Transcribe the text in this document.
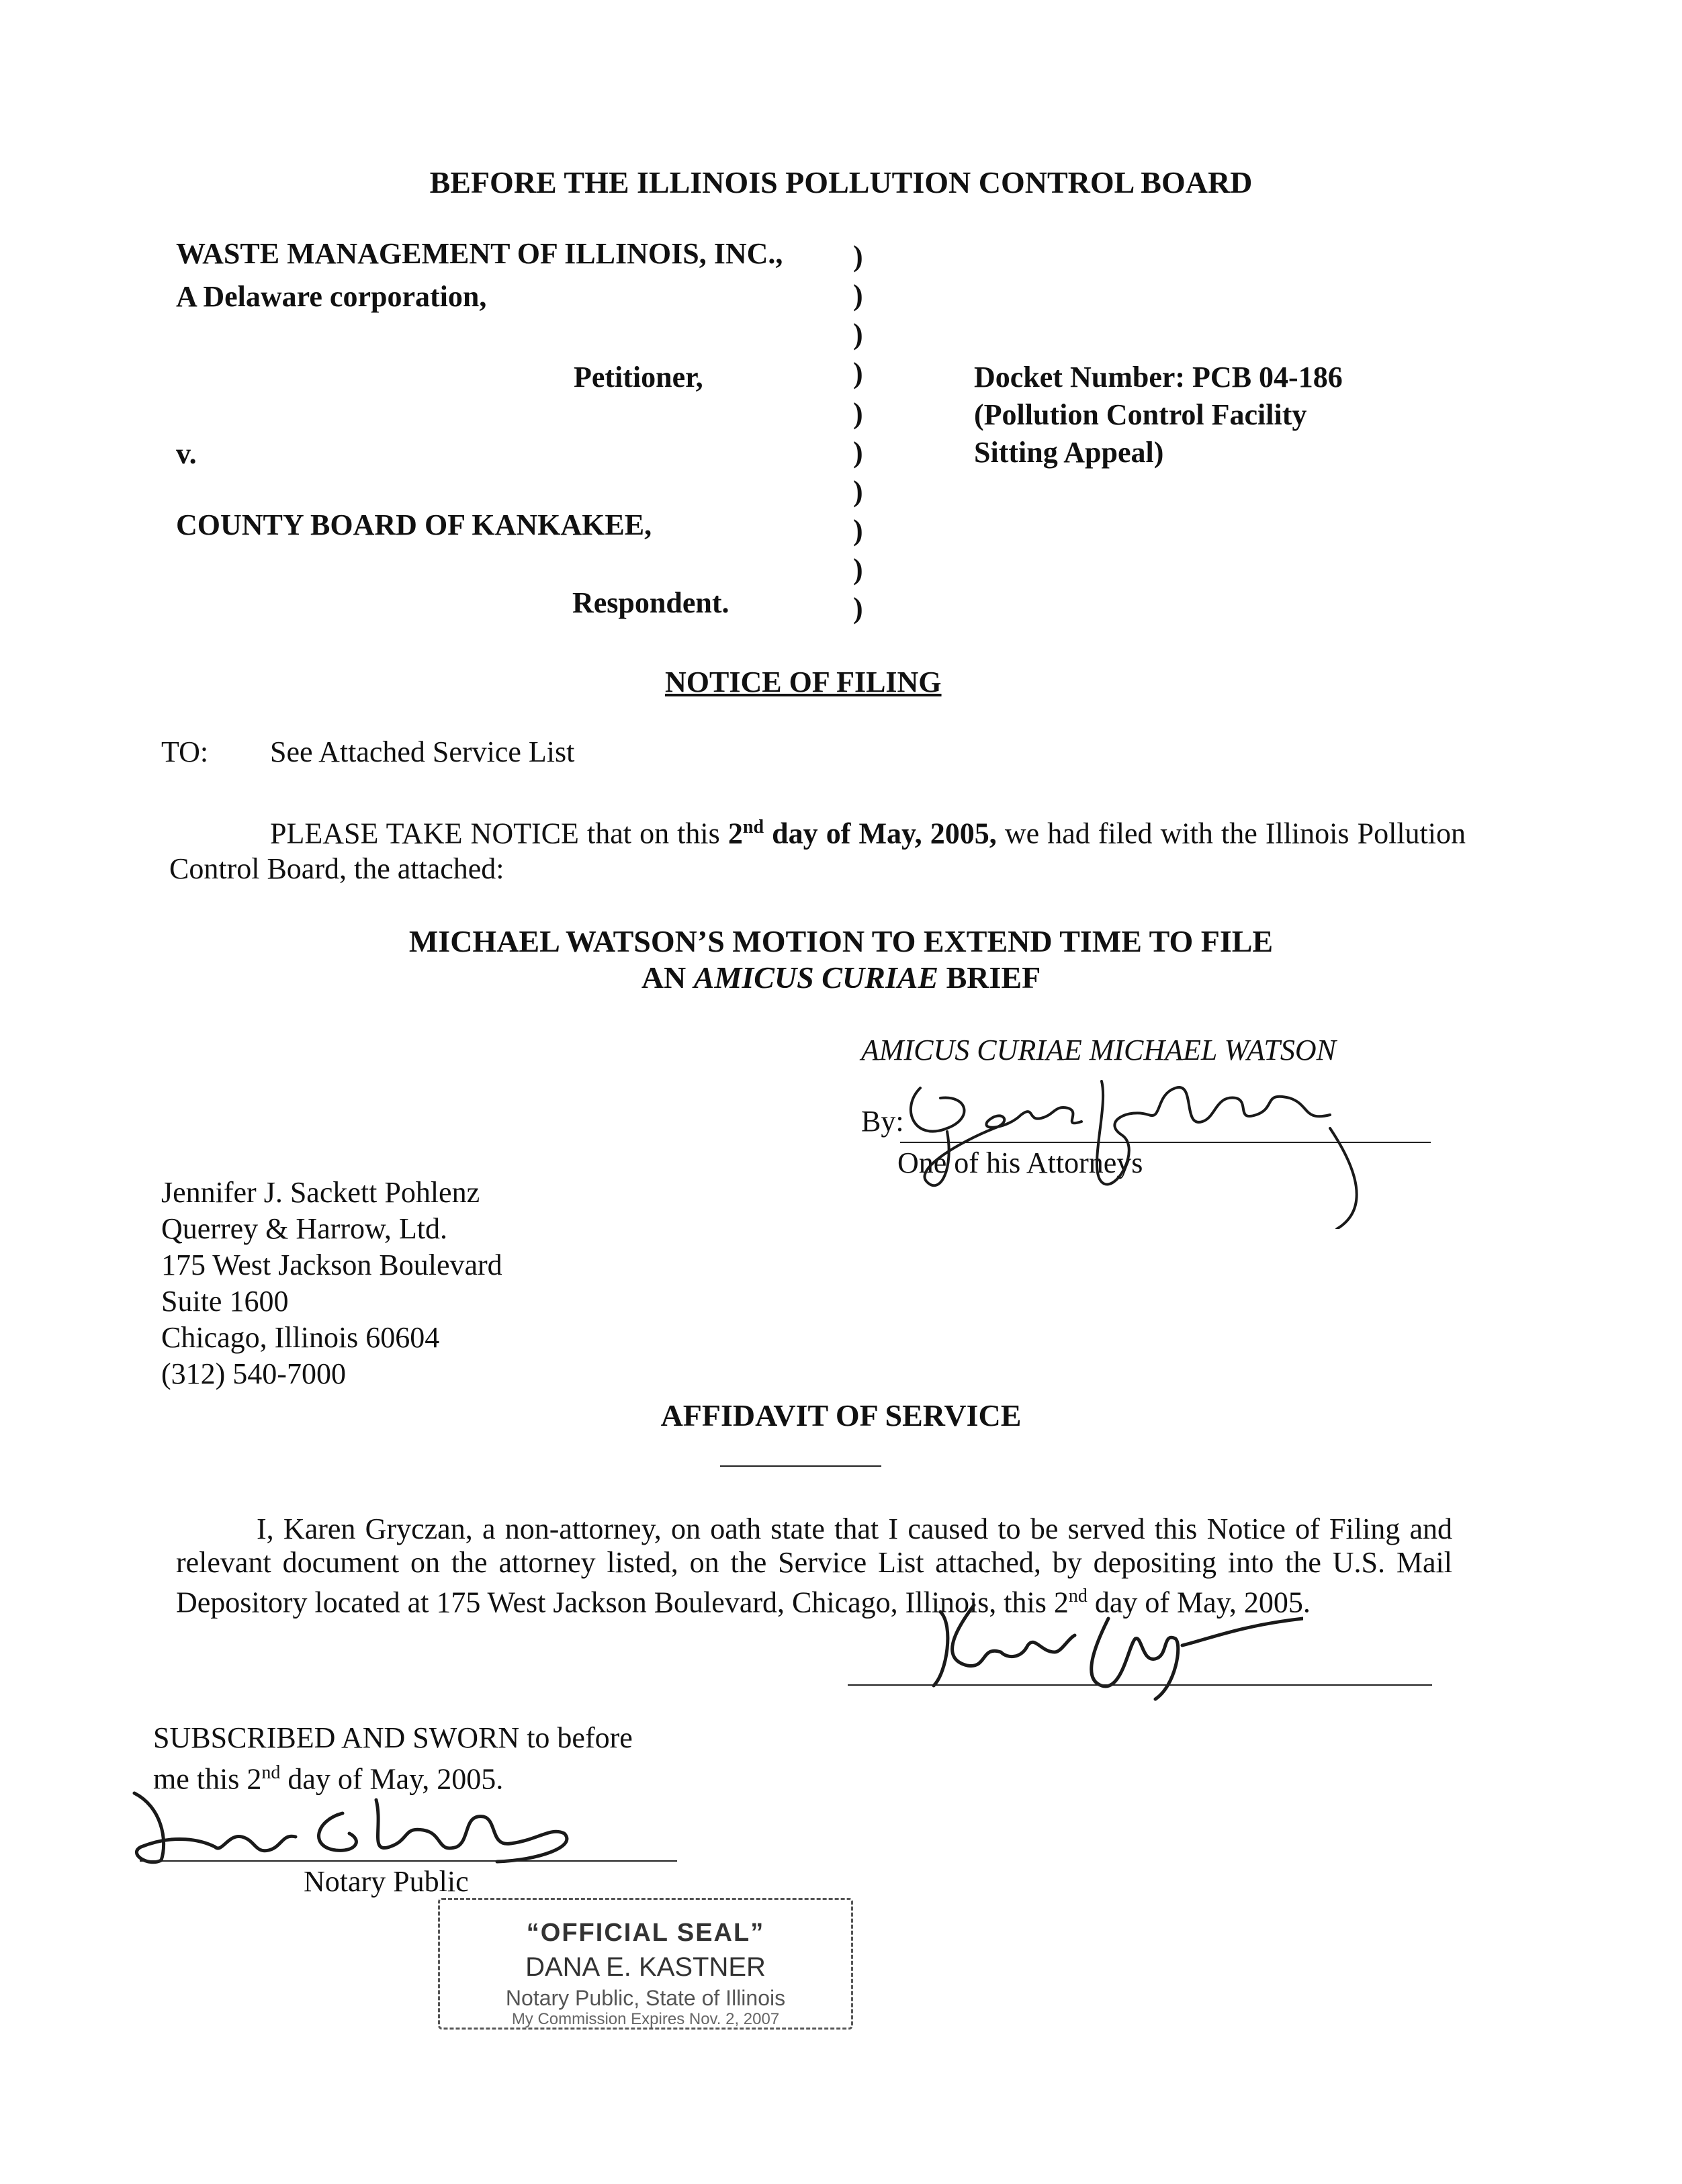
BEFORE THE ILLINOIS POLLUTION CONTROL BOARD
WASTE MANAGEMENT OF ILLINOIS, INC.,
A Delaware corporation,
Petitioner,
v.
COUNTY BOARD OF KANKAKEE,
Respondent.
)
)
)
)
)
)
)
)
)
)
Docket Number: PCB 04-186
(Pollution Control Facility
Sitting Appeal)
NOTICE OF FILING
TO: See Attached Service List
PLEASE TAKE NOTICE that on this 2nd day of May, 2005, we had filed with the Illinois Pollution Control Board, the attached:
MICHAEL WATSON’S MOTION TO EXTEND TIME TO FILE
AN AMICUS CURIAE BRIEF
AMICUS CURIAE MICHAEL WATSON
By:
One of his Attorneys
Jennifer J. Sackett Pohlenz
Querrey & Harrow, Ltd.
175 West Jackson Boulevard
Suite 1600
Chicago, Illinois 60604
(312) 540-7000
AFFIDAVIT OF SERVICE
I, Karen Gryczan, a non-attorney, on oath state that I caused to be served this Notice of Filing and relevant document on the attorney listed, on the Service List attached, by depositing into the U.S. Mail Depository located at 175 West Jackson Boulevard, Chicago, Illinois, this 2nd day of May, 2005.
SUBSCRIBED AND SWORN to before
me this 2nd day of May, 2005.
Notary Public
“OFFICIAL SEAL”
DANA E. KASTNER
Notary Public, State of Illinois
My Commission Expires Nov. 2, 2007
